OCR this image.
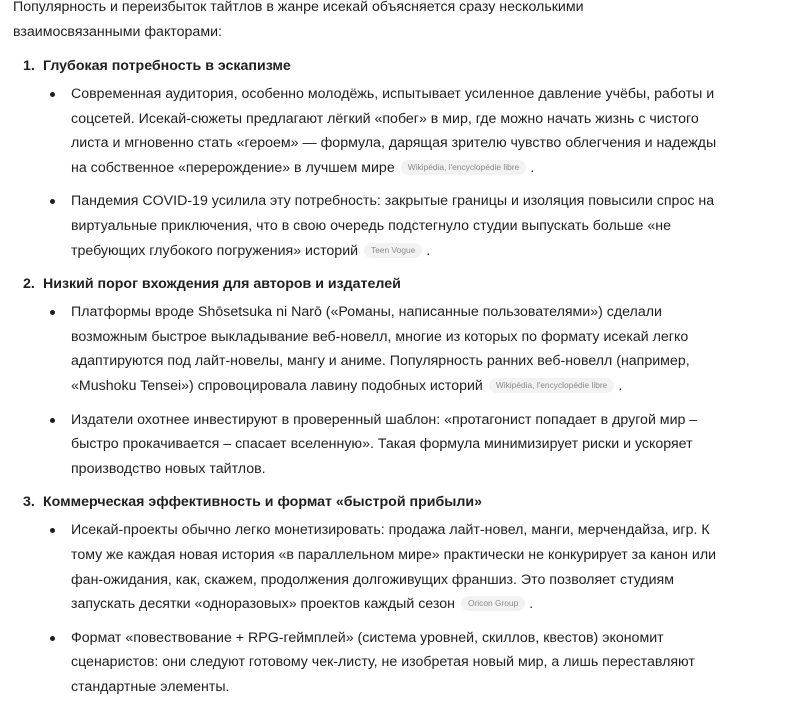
Популярность и переизбыток тайтлов в жанре исекай объясняется сразу несколькими взаимосвязанными факторами:

1. Глубокая потребность в эскапизме
Современная аудитория, особенно молодёжь, испытывает усиленное давление учёбы, работы и соцсетей. Исекай-сюжеты предлагают лёгкий «побег» в мир, где можно начать жизнь с чистого листа и мгновенно стать «героем» — формула, дарящая зрителю чувство облегчения и надежды на собственное «перерождение» в лучшем мире Wikipédia, l'encyclopédie libre .
Пандемия COVID-19 усилила эту потребность: закрытые границы и изоляция повысили спрос на виртуальные приключения, что в свою очередь подстегнуло студии выпускать больше «не требующих глубокого погружения» историй Teen Vogue .
2. Низкий порог вхождения для авторов и издателей
Платформы вроде Shōsetsuka ni Narō («Романы, написанные пользователями») сделали возможным быстрое выкладывание веб-новелл, многие из которых по формату исекай легко адаптируются под лайт-новелы, мангу и аниме. Популярность ранних веб-новелл (например, «Mushoku Tensei») спровоцировала лавину подобных историй Wikipédia, l'encyclopédie libre .
Издатели охотнее инвестируют в проверенный шаблон: «протагонист попадает в другой мир – быстро прокачивается – спасает вселенную». Такая формула минимизирует риски и ускоряет производство новых тайтлов.
3. Коммерческая эффективность и формат «быстрой прибыли»
Исекай-проекты обычно легко монетизировать: продажа лайт-новел, манги, мерчендайза, игр. К тому же каждая новая история «в параллельном мире» практически не конкурирует за канон или фан-ожидания, как, скажем, продолжения долгоживущих франшиз. Это позволяет студиям запускать десятки «одноразовых» проектов каждый сезон Oricon Group .
Формат «повествование + RPG-геймплей» (система уровней, скиллов, квестов) экономит сценаристов: они следуют готовому чек-листу, не изобретая новый мир, а лишь переставляют стандартные элементы.
